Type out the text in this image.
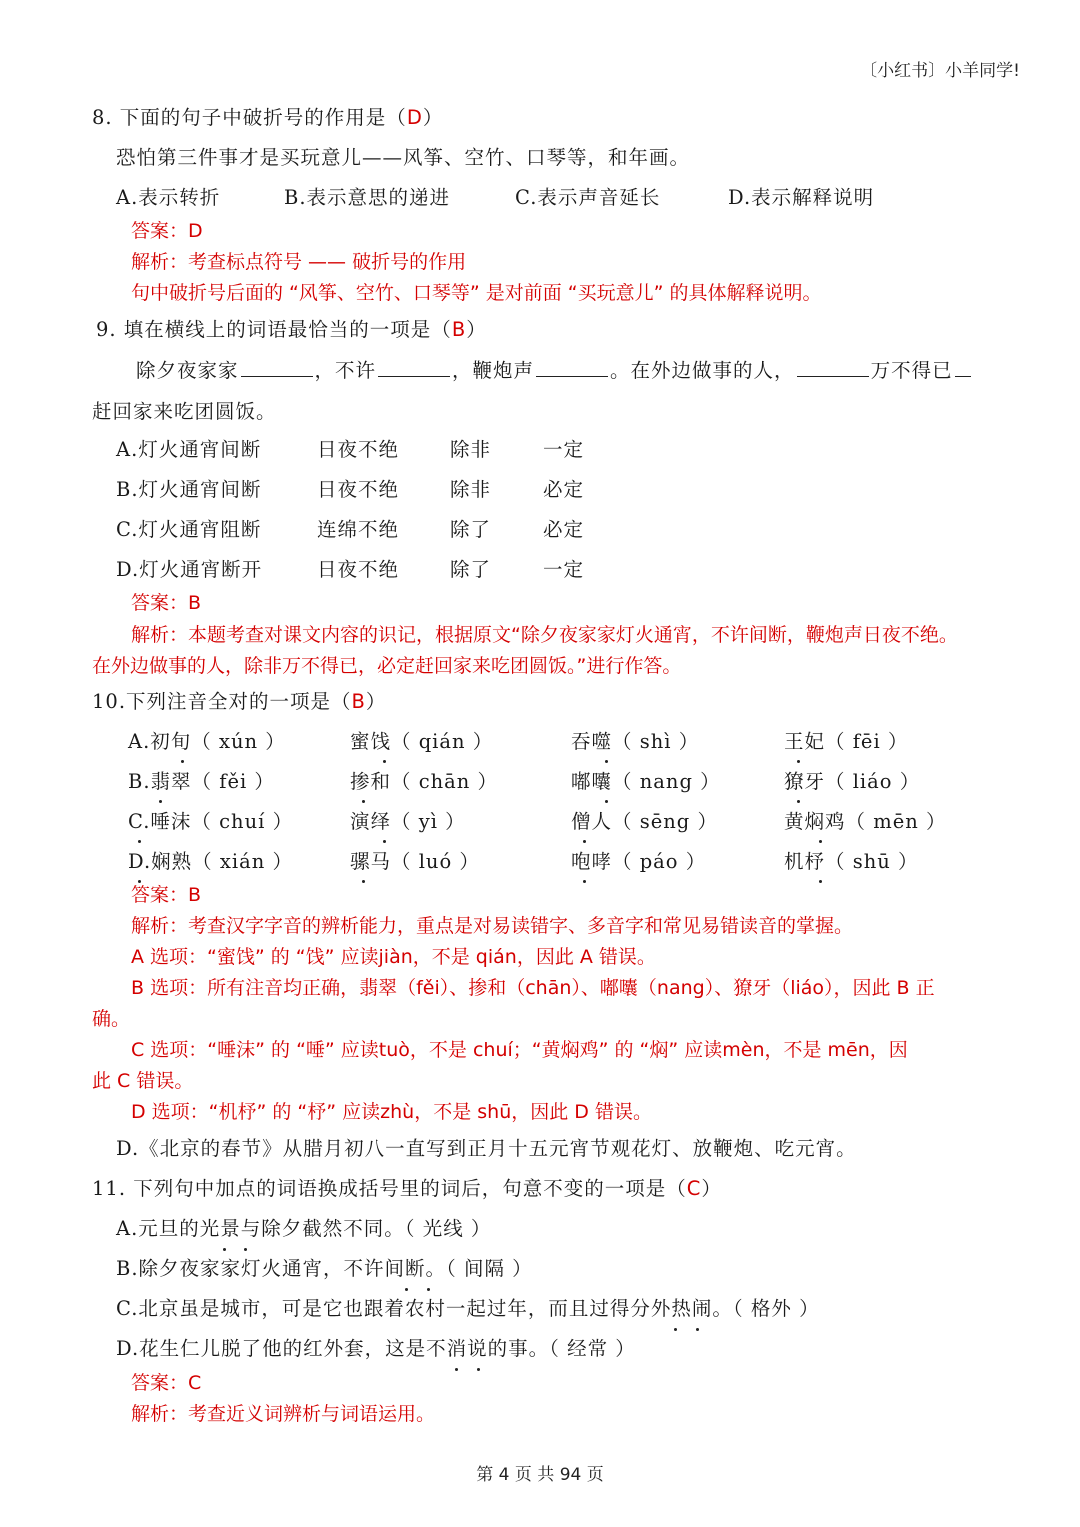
〔小红书〕小羊同学!
8. 下面的句子中破折号的作用是（D）
恐怕第三件事才是买玩意儿——风筝、空竹、口琴等，和年画。
A.表示转折	B.表示意思的递进	C.表示声音延长	D.表示解释说明
答案：D
解析：考查标点符号 —— 破折号的作用
句中破折号后面的 “风筝、空竹、口琴等” 是对前面 “买玩意儿” 的具体解释说明。
9. 填在横线上的词语最恰当的一项是（B）
除夕夜家家	，不许	，鞭炮声	。在外边做事的人，	万不得已
赶回家来吃团圆饭。
A.灯火通宵间断	日夜不绝	除非	一定
B.灯火通宵间断	日夜不绝	除非	必定
C.灯火通宵阻断	连绵不绝	除了	必定
D.灯火通宵断开	日夜不绝	除了	一定
答案：B
解析：本题考查对课文内容的识记，根据原文“除夕夜家家灯火通宵，不许间断，鞭炮声日夜不绝。
在外边做事的人，除非万不得已，必定赶回家来吃团圆饭。”进行作答。
10.下列注音全对的一项是（B）
A.初旬（ xún ）	蜜饯（ qián ）	吞噬（ shì ）	王妃（ fēi ）
B.翡翠（ fěi ）	掺和（ chān ）	嘟囔（ nang ）	獠牙（ liáo ）
C.唾沫（ chuí ）	演绎（ yì ）	僧人（ sēng ）	黄焖鸡（ mēn ）
D.娴熟（ xián ）	骡马（ luó ）	咆哮（ páo ）	机杼（ shū ）
答案：B
解析：考查汉字字音的辨析能力，重点是对易读错字、多音字和常见易错读音的掌握。
A 选项：“蜜饯” 的 “饯” 应读jiàn，不是 qián，因此 A 错误。
B 选项：所有注音均正确，翡翠（fěi）、掺和（chān）、嘟囔（nang）、獠牙（liáo），因此 B 正
确。
C 选项：“唾沫” 的 “唾” 应读tuò，不是 chuí；“黄焖鸡” 的 “焖” 应读mèn，不是 mēn，因
此 C 错误。
D 选项：“机杼” 的 “杼” 应读zhù，不是 shū，因此 D 错误。
D.《北京的春节》从腊月初八一直写到正月十五元宵节观花灯、放鞭炮、吃元宵。
11. 下列句中加点的词语换成括号里的词后，句意不变的一项是（C）
A.元旦的光景与除夕截然不同。（ 光线 ）
B.除夕夜家家灯火通宵，不许间断。（ 间隔 ）
C.北京虽是城市，可是它也跟着农村一起过年，而且过得分外热闹。（ 格外 ）
D.花生仁儿脱了他的红外套，这是不消说的事。（ 经常 ）
答案：C
解析：考查近义词辨析与词语运用。
第 4 页 共 94 页
